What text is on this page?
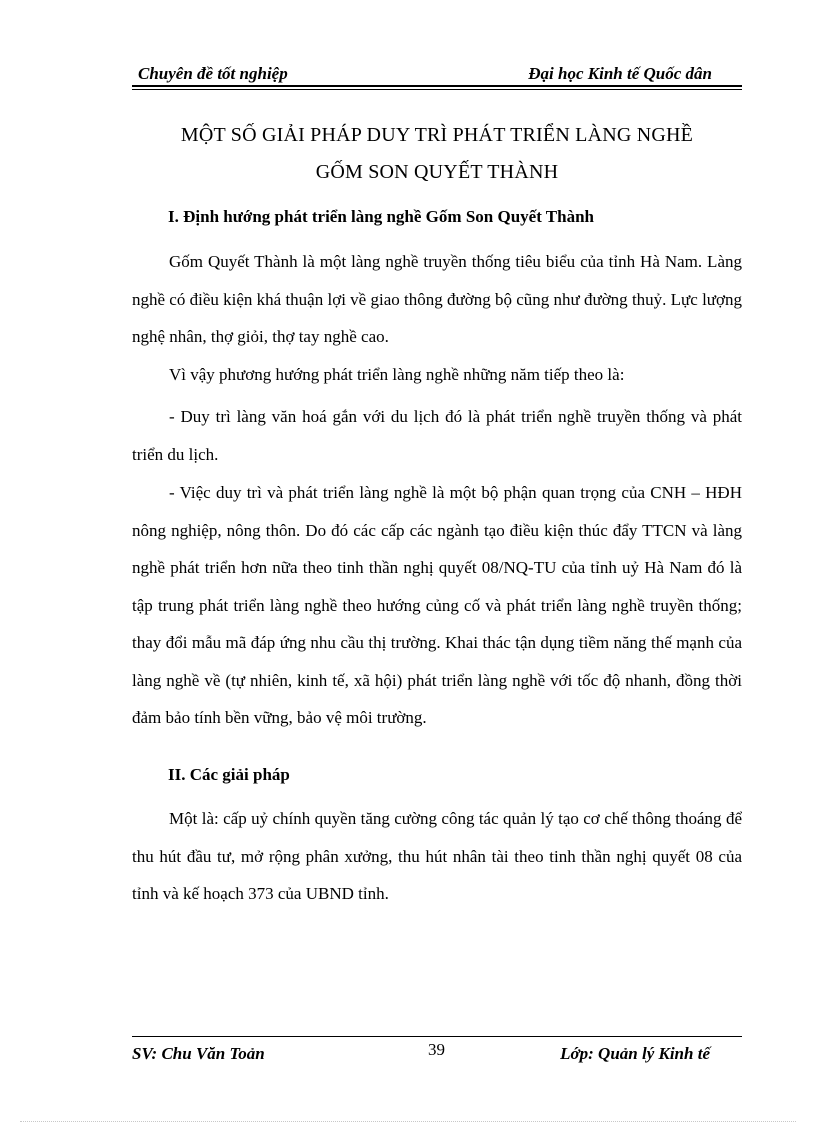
Chuyên đề tốt nghiệp	Đại học Kinh tế Quốc dân
MỘT SỐ GIẢI PHÁP DUY TRÌ PHÁT TRIỂN LÀNG NGHỀ
GỐM SON QUYẾT THÀNH
I. Định hướng phát triển làng nghề Gốm Son Quyết Thành

Gốm Quyết Thành là một làng nghề truyền thống tiêu biểu của tỉnh Hà Nam. Làng nghề có điều kiện khá thuận lợi về giao thông đường bộ cũng như đường thuỷ. Lực lượng nghệ nhân, thợ giỏi, thợ tay nghề cao.

Vì vậy phương hướng phát triển làng nghề những năm tiếp theo là:

- Duy trì làng văn hoá gắn với du lịch đó là phát triển nghề truyền thống và phát triển du lịch.

- Việc duy trì và phát triển làng nghề là một bộ phận quan trọng của CNH – HĐH nông nghiệp, nông thôn. Do đó các cấp các ngành tạo điều kiện thúc đẩy TTCN và làng nghề phát triển hơn nữa theo tinh thần nghị quyết 08/NQ-TU của tỉnh uỷ Hà Nam đó là tập trung phát triển làng nghề theo hướng củng cố và phát triển làng nghề truyền thống; thay đổi mẫu mã đáp ứng nhu cầu thị trường. Khai thác tận dụng tiềm năng thế mạnh của làng nghề về (tự nhiên, kinh tế, xã hội) phát triển làng nghề với tốc độ nhanh, đồng thời đảm bảo tính bền vững, bảo vệ môi trường.

II. Các giải pháp

Một là: cấp uỷ chính quyền tăng cường công tác quản lý tạo cơ chế thông thoáng để thu hút đầu tư, mở rộng phân xưởng, thu hút nhân tài theo tinh thần nghị quyết 08 của tỉnh và kế hoạch 373 của UBND tỉnh.

SV: Chu Văn Toản	39	Lớp: Quản lý Kinh tế
